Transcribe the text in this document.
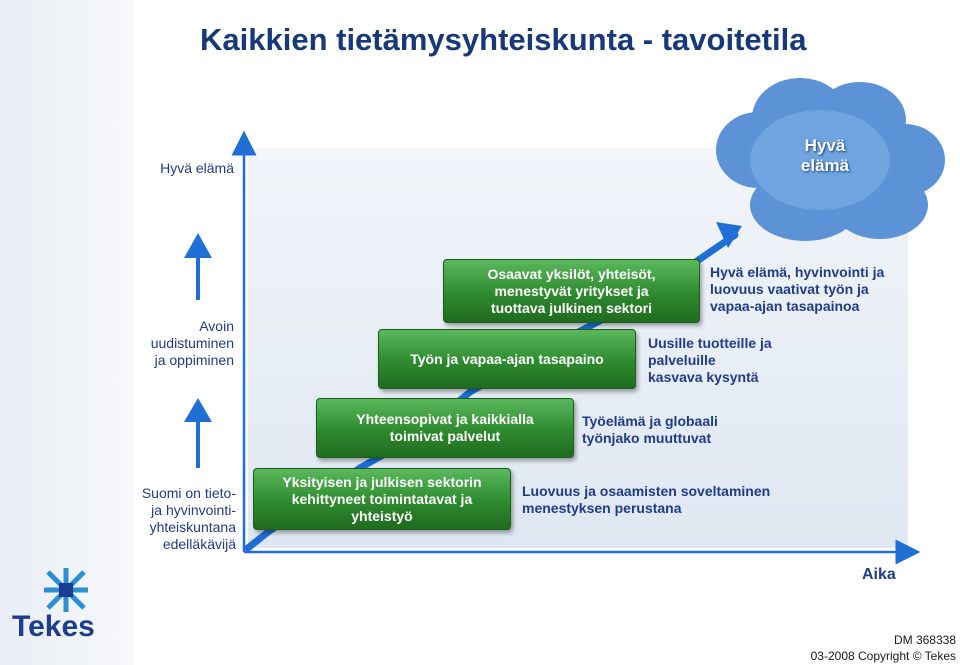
Kaikkien tietämysyhteiskunta - tavoitetila
Hyvä elämä
Avoin
uudistuminen
ja oppiminen
Suomi on tieto-
ja hyvinvointi-
yhteiskuntana
edelläkävijä
Yksityisen ja julkisen sektorin
kehittyneet toimintatavat ja
yhteistyö
Yhteensopivat ja kaikkialla
toimivat palvelut
Työn ja vapaa-ajan tasapaino
Osaavat yksilöt, yhteisöt,
menestyvät yritykset ja
tuottava julkinen sektori
Luovuus ja osaamisten soveltaminen
menestyksen perustana
Työelämä ja globaali
työnjako muuttuvat
Uusille tuotteille ja
palveluille
kasvava kysyntä
Hyvä elämä, hyvinvointi ja
luovuus vaativat työn ja
vapaa-ajan tasapainoa
Hyvä
elämä
Aika
Tekes	DM 368338
03-2008 Copyright © Tekes
